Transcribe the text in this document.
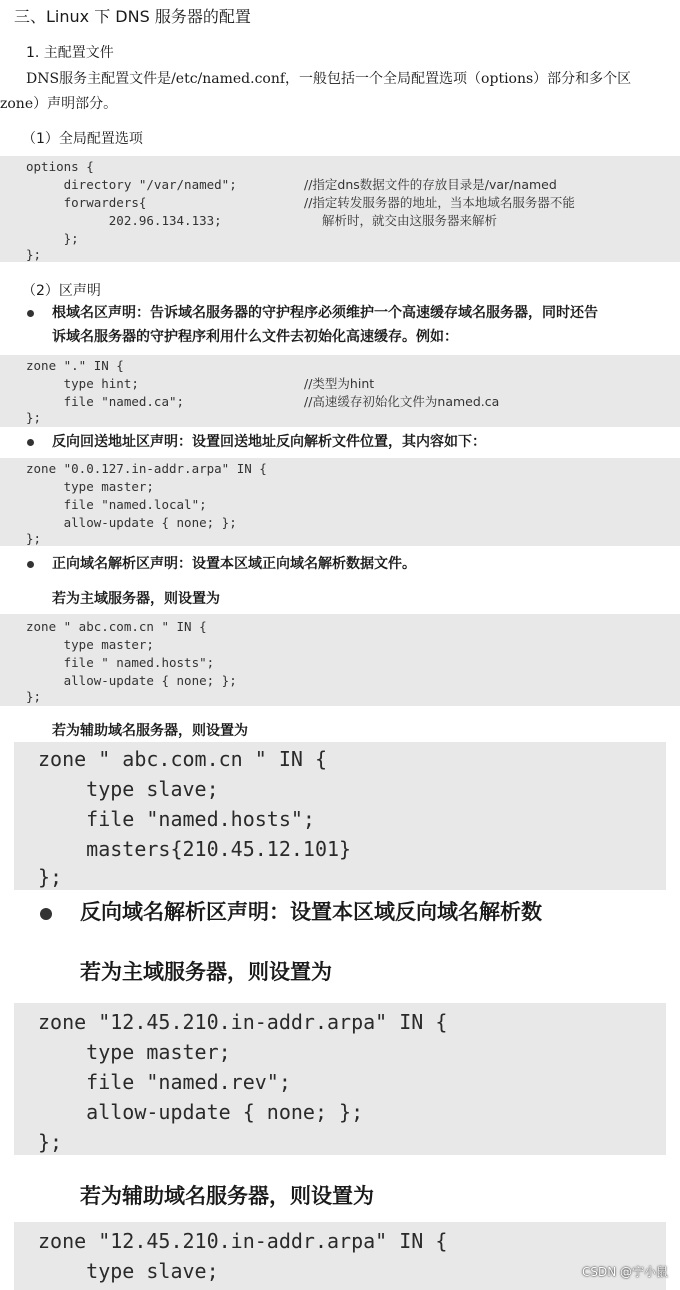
三、Linux 下 DNS 服务器的配置
1. 主配置文件
DNS服务主配置文件是/etc/named.conf，一般包括一个全局配置选项（options）部分和多个区
zone）声明部分。
（1）全局配置选项

options {

directory "/var/named";

forwarders{

202.96.134.133;

};

};

//指定dns数据文件的存放目录是/var/named

//指定转发服务器的地址，当本地域名服务器不能

解析时，就交由这服务器来解析

（2）区声明
根域名区声明：告诉域名服务器的守护程序必须维护一个高速缓存域名服务器，同时还告
诉域名服务器的守护程序利用什么文件去初始化高速缓存。例如：

zone "." IN {

type hint;

file "named.ca";

};

//类型为hint

//高速缓存初始化文件为named.ca

反向回送地址区声明：设置回送地址反向解析文件位置，其内容如下：

zone "0.0.127.in-addr.arpa" IN {

type master;

file "named.local";

allow-update { none; };

};

正向域名解析区声明：设置本区域正向域名解析数据文件。
若为主域服务器，则设置为

zone " abc.com.cn " IN {

type master;

file " named.hosts";

allow-update { none; };

};

若为辅助域名服务器，则设置为

zone " abc.com.cn " IN {

type slave;

file "named.hosts";

masters{210.45.12.101}

};

反向域名解析区声明：设置本区域反向域名解析数
若为主域服务器，则设置为

zone "12.45.210.in-addr.arpa" IN {

type master;

file "named.rev";

allow-update { none; };

};

若为辅助域名服务器，则设置为

zone "12.45.210.in-addr.arpa" IN {

type slave;

	CSDN @宁小鼠
